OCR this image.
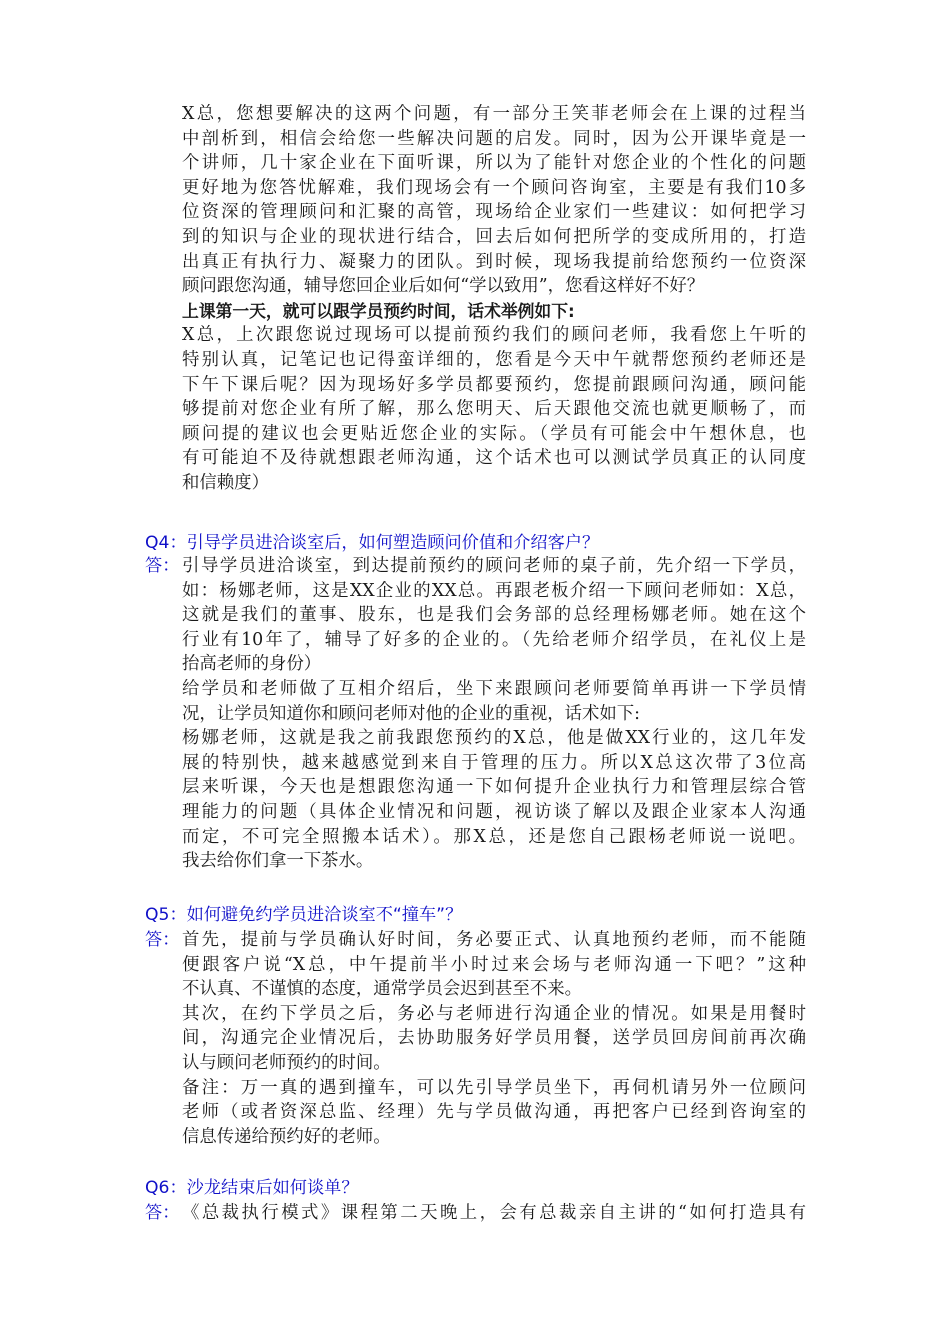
X总，您想要解决的这两个问题，有一部分王笑菲老师会在上课的过程当
中剖析到，相信会给您一些解决问题的启发。同时，因为公开课毕竟是一
个讲师，几十家企业在下面听课，所以为了能针对您企业的个性化的问题
更好地为您答忧解难，我们现场会有一个顾问咨询室，主要是有我们10多
位资深的管理顾问和汇聚的高管，现场给企业家们一些建议：如何把学习
到的知识与企业的现状进行结合，回去后如何把所学的变成所用的，打造
出真正有执行力、凝聚力的团队。到时候，现场我提前给您预约一位资深
顾问跟您沟通，辅导您回企业后如何“学以致用”，您看这样好不好？
上课第一天，就可以跟学员预约时间，话术举例如下:
X总，上次跟您说过现场可以提前预约我们的顾问老师，我看您上午听的
特别认真，记笔记也记得蛮详细的，您看是今天中午就帮您预约老师还是
下午下课后呢？因为现场好多学员都要预约，您提前跟顾问沟通，顾问能
够提前对您企业有所了解，那么您明天、后天跟他交流也就更顺畅了，而
顾问提的建议也会更贴近您企业的实际。（学员有可能会中午想休息，也
有可能迫不及待就想跟老师沟通，这个话术也可以测试学员真正的认同度
和信赖度）
Q4：引导学员进洽谈室后，如何塑造顾问价值和介绍客户？
答： 引导学员进洽谈室，到达提前预约的顾问老师的桌子前，先介绍一下学员，
如：杨娜老师，这是XX企业的XX总。再跟老板介绍一下顾问老师如：X总，
这就是我们的董事、股东，也是我们会务部的总经理杨娜老师。她在这个
行业有10年了，辅导了好多的企业的。（先给老师介绍学员，在礼仪上是
抬高老师的身份）
给学员和老师做了互相介绍后，坐下来跟顾问老师要简单再讲一下学员情
况，让学员知道你和顾问老师对他的企业的重视，话术如下:
杨娜老师，这就是我之前我跟您预约的X总，他是做XX行业的，这几年发
展的特别快，越来越感觉到来自于管理的压力。所以X总这次带了3位高
层来听课，今天也是想跟您沟通一下如何提升企业执行力和管理层综合管
理能力的问题（具体企业情况和问题，视访谈了解以及跟企业家本人沟通
而定，不可完全照搬本话术）。那X总，还是您自己跟杨老师说一说吧。
我去给你们拿一下茶水。
Q5：如何避免约学员进洽谈室不“撞车”？
答： 首先，提前与学员确认好时间，务必要正式、认真地预约老师，而不能随
便跟客户说“X总，中午提前半小时过来会场与老师沟通一下吧？”这种
不认真、不谨慎的态度，通常学员会迟到甚至不来。
其次，在约下学员之后，务必与老师进行沟通企业的情况。如果是用餐时
间，沟通完企业情况后，去协助服务好学员用餐，送学员回房间前再次确
认与顾问老师预约的时间。
备注：万一真的遇到撞车，可以先引导学员坐下，再伺机请另外一位顾问
老师（或者资深总监、经理）先与学员做沟通，再把客户已经到咨询室的
信息传递给预约好的老师。
Q6：沙龙结束后如何谈单？
答： 《总裁执行模式》课程第二天晚上，会有总裁亲自主讲的“如何打造具有
